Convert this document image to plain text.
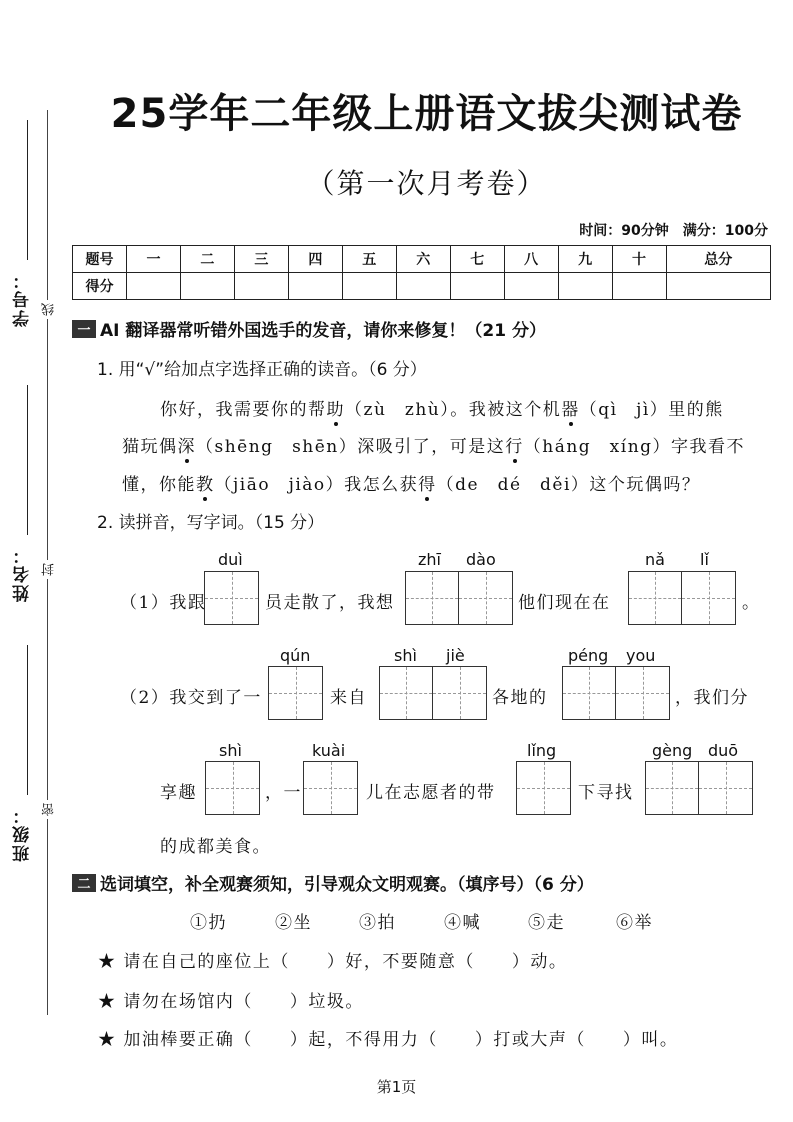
学号： 线
姓名： 封
班级： 密
25学年二年级上册语文拔尖测试卷
（第一次月考卷）
时间：90分钟　满分：100分
题号	一	二	三	四	五	六	七	八	九	十	总分
得分											
一 AI 翻译器常听错外国选手的发音，请你来修复！（21 分）
1. 用“√”给加点字选择正确的读音。（6 分）
你好，我需要你的帮助（zù　zhù）。我被这个机器（qì　jì）里的熊
猫玩偶深（shēng　shēn）深吸引了，可是这行（háng　xíng）字我看不
懂，你能教（jiāo　jiào）我怎么获得（de　dé　děi）这个玩偶吗？
2. 读拼音，写字词。（15 分）
duì	zhī dào	nǎ lǐ
（1）我跟	员走散了，我想	他们现在在	。
qún	shì jiè	péng you
（2）我交到了一	来自	各地的	，我们分
shì	kuài	lǐng	gèng duō
享趣	，一	儿在志愿者的带	下寻找
的成都美食。
二 选词填空，补全观赛须知，引导观众文明观赛。（填序号）（6 分）
①扔	②坐	③拍	④喊	⑤走	⑥举
★ 请在自己的座位上（　　）好，不要随意（　　）动。
★ 请勿在场馆内（　　）垃圾。
★ 加油棒要正确（　　）起，不得用力（　　）打或大声（　　）叫。
第1页
